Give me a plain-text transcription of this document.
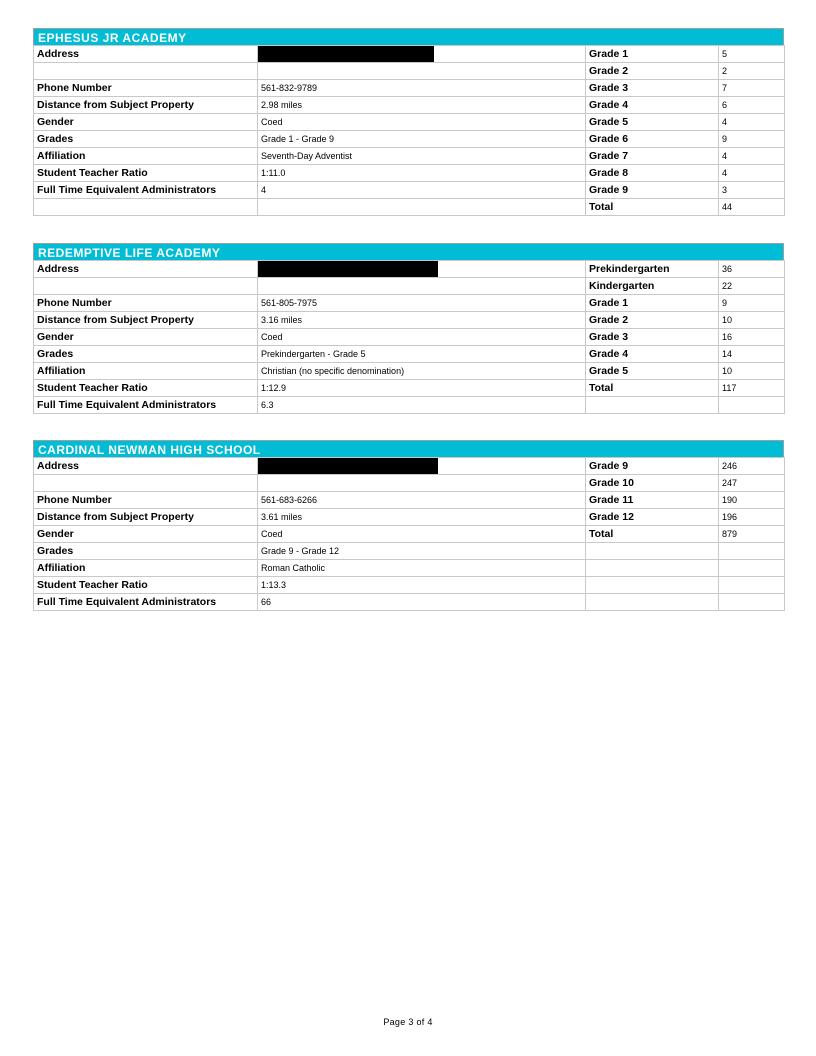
EPHESUS JR ACADEMY
Address		Grade 1	5
		Grade 2	2
Phone Number	561-832-9789	Grade 3	7
Distance from Subject Property	2.98 miles	Grade 4	6
Gender	Coed	Grade 5	4
Grades	Grade 1 - Grade 9	Grade 6	9
Affiliation	Seventh-Day Adventist	Grade 7	4
Student Teacher Ratio	1:11.0	Grade 8	4
Full Time Equivalent Administrators	4	Grade 9	3
		Total	44
REDEMPTIVE LIFE ACADEMY
Address		Prekindergarten	36
		Kindergarten	22
Phone Number	561-805-7975	Grade 1	9
Distance from Subject Property	3.16 miles	Grade 2	10
Gender	Coed	Grade 3	16
Grades	Prekindergarten - Grade 5	Grade 4	14
Affiliation	Christian (no specific denomination)	Grade 5	10
Student Teacher Ratio	1:12.9	Total	117
Full Time Equivalent Administrators	6.3		
CARDINAL NEWMAN HIGH SCHOOL
Address		Grade 9	246
		Grade 10	247
Phone Number	561-683-6266	Grade 11	190
Distance from Subject Property	3.61 miles	Grade 12	196
Gender	Coed	Total	879
Grades	Grade 9 - Grade 12		
Affiliation	Roman Catholic		
Student Teacher Ratio	1:13.3		
Full Time Equivalent Administrators	66		
Page 3 of 4
